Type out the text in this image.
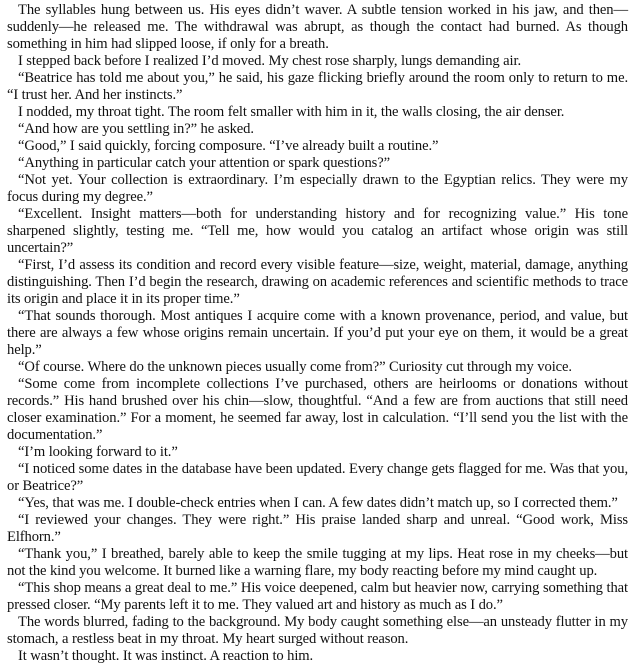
The syllables hung between us. His eyes didn’t waver. A subtle tension worked in his jaw, and then—suddenly—he released me. The withdrawal was abrupt, as though the contact had burned. As though something in him had slipped loose, if only for a breath.

I stepped back before I realized I’d moved. My chest rose sharply, lungs demanding air.

“Beatrice has told me about you,” he said, his gaze flicking briefly around the room only to return to me. “I trust her. And her instincts.”

I nodded, my throat tight. The room felt smaller with him in it, the walls closing, the air denser.

“And how are you settling in?” he asked.

“Good,” I said quickly, forcing composure. “I’ve already built a routine.”

“Anything in particular catch your attention or spark questions?”

“Not yet. Your collection is extraordinary. I’m especially drawn to the Egyptian relics. They were my focus during my degree.”

“Excellent. Insight matters—both for understanding history and for recognizing value.” His tone sharpened slightly, testing me. “Tell me, how would you catalog an artifact whose origin was still uncertain?”

“First, I’d assess its condition and record every visible feature—size, weight, material, damage, anything distinguishing. Then I’d begin the research, drawing on academic references and scientific methods to trace its origin and place it in its proper time.”

“That sounds thorough. Most antiques I acquire come with a known provenance, period, and value, but there are always a few whose origins remain uncertain. If you’d put your eye on them, it would be a great help.”

“Of course. Where do the unknown pieces usually come from?” Curiosity cut through my voice.

“Some come from incomplete collections I’ve purchased, others are heirlooms or donations without records.” His hand brushed over his chin—slow, thoughtful. “And a few are from auctions that still need closer examination.” For a moment, he seemed far away, lost in calculation. “I’ll send you the list with the documentation.”

“I’m looking forward to it.”

“I noticed some dates in the database have been updated. Every change gets flagged for me. Was that you, or Beatrice?”

“Yes, that was me. I double-check entries when I can. A few dates didn’t match up, so I corrected them.”

“I reviewed your changes. They were right.” His praise landed sharp and unreal. “Good work, Miss Elfhorn.”

“Thank you,” I breathed, barely able to keep the smile tugging at my lips. Heat rose in my cheeks—but not the kind you welcome. It burned like a warning flare, my body reacting before my mind caught up.

“This shop means a great deal to me.” His voice deepened, calm but heavier now, carrying something that pressed closer. “My parents left it to me. They valued art and history as much as I do.”

The words blurred, fading to the background. My body caught something else—an unsteady flutter in my stomach, a restless beat in my throat. My heart surged without reason.

It wasn’t thought. It was instinct. A reaction to him.
